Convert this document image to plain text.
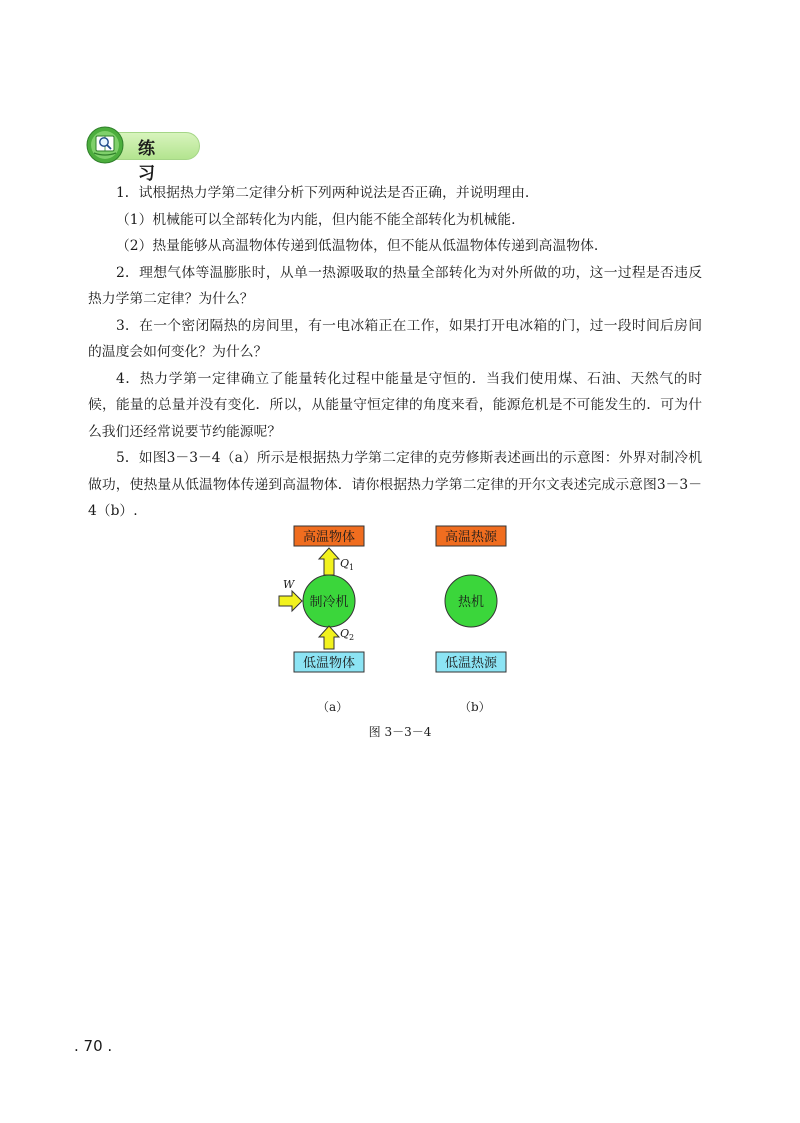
练 习

1．试根据热力学第二定律分析下列两种说法是否正确，并说明理由.

（1）机械能可以全部转化为内能，但内能不能全部转化为机械能.

（2）热量能够从高温物体传递到低温物体，但不能从低温物体传递到高温物体.

2．理想气体等温膨胀时，从单一热源吸取的热量全部转化为对外所做的功，这一过程是否违反热力学第二定律？为什么？

3．在一个密闭隔热的房间里，有一电冰箱正在工作，如果打开电冰箱的门，过一段时间后房间的温度会如何变化？为什么？

4．热力学第一定律确立了能量转化过程中能量是守恒的．当我们使用煤、石油、天然气的时候，能量的总量并没有变化．所以，从能量守恒定律的角度来看，能源危机是不可能发生的．可为什么我们还经常说要节约能源呢？

5．如图3－3－4（a）所示是根据热力学第二定律的克劳修斯表述画出的示意图：外界对制冷机做功，使热量从低温物体传递到高温物体．请你根据热力学第二定律的开尔文表述完成示意图3－3－4（b）.

高温物体
$Q_1$
制冷机
W
$Q_2$
低温物体
高温热源
热机
低温热源
（a）	（b）
图 3－3－4
. 70 .
